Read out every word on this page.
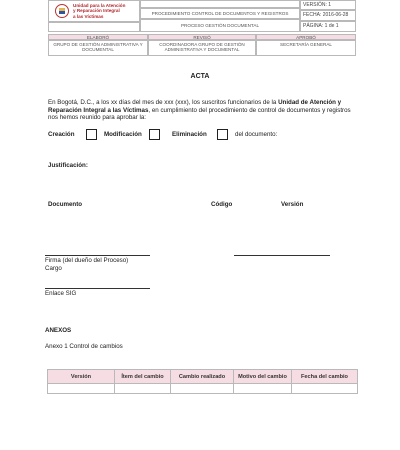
Unidad para la Atención
y Reparación Integral
a las Víctimas
PROCEDIMIENTO CONTROL DE DOCUMENTOS Y REGISTROS
PROCESO GESTIÓN DOCUMENTAL
VERSIÓN: 1
FECHA: 2016-06-28
PÁGINA: 1 de 1
ELABORÓ	REVISÓ	APROBÓ
GRUPO DE GESTIÓN ADMINISTRATIVA Y DOCUMENTAL
COORDINADORA GRUPO DE GESTIÓN ADMINISTRATIVA Y DOCUMENTAL
SECRETARÍA GENERAL
ACTA
En Bogotá, D.C., a los xx días del mes de xxx (xxx), los suscritos funcionarios de la Unidad de Atención y Reparación Integral a las Víctimas, en cumplimiento del procedimiento de control de documentos y registros nos hemos reunido para aprobar la:
Creación	Modificación	Eliminación	del documento:
Justificación:
Documento	Código	Versión
Firma (del dueño del Proceso)
Cargo
Enlace SIG
ANEXOS
Anexo 1 Control de cambios
Versión	Ítem del cambio	Cambio realizado	Motivo del cambio	Fecha del cambio
